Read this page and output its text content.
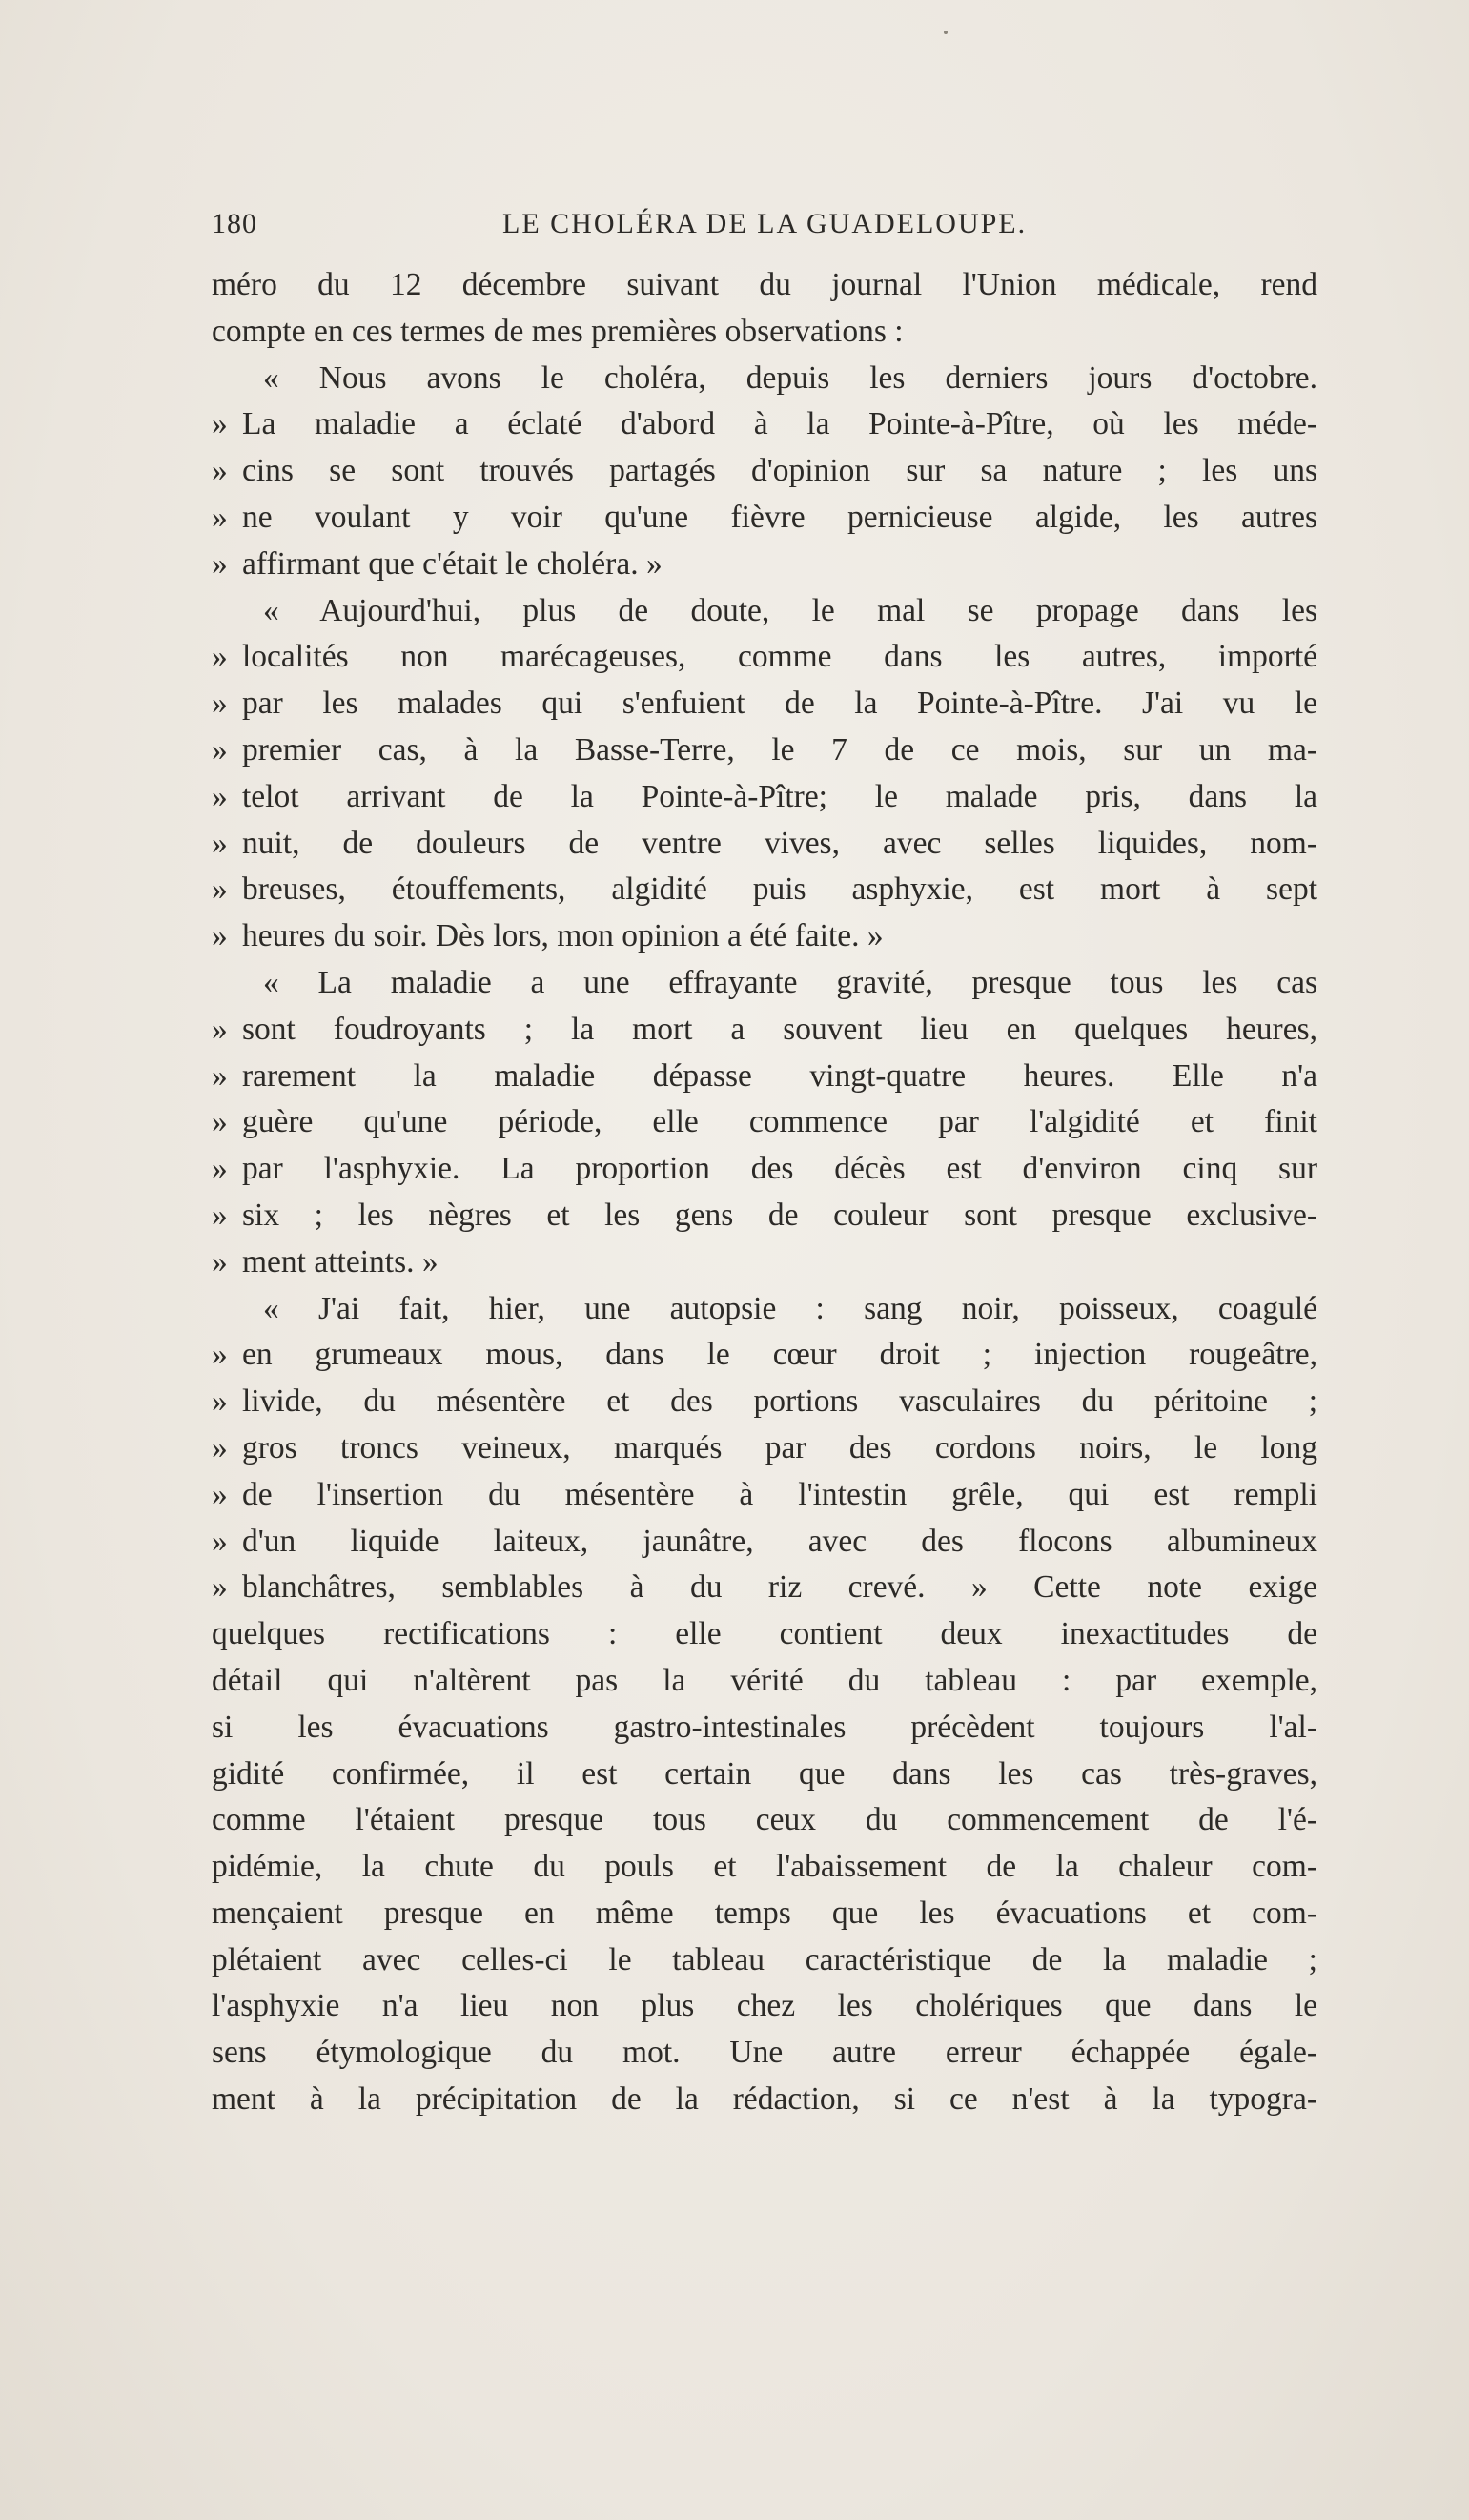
180	LE CHOLÉRA DE LA GUADELOUPE.
méro du 12 décembre suivant du journal l'Union médicale, rend
compte en ces termes de mes premières observations :
« Nous avons le choléra, depuis les derniers jours d'octobre.
» La maladie a éclaté d'abord à la Pointe-à-Pître, où les méde-
» cins se sont trouvés partagés d'opinion sur sa nature ; les uns
» ne voulant y voir qu'une fièvre pernicieuse algide, les autres
» affirmant que c'était le choléra. »
« Aujourd'hui, plus de doute, le mal se propage dans les
» localités non marécageuses, comme dans les autres, importé
» par les malades qui s'enfuient de la Pointe-à-Pître. J'ai vu le
» premier cas, à la Basse-Terre, le 7 de ce mois, sur un ma-
» telot arrivant de la Pointe-à-Pître; le malade pris, dans la
» nuit, de douleurs de ventre vives, avec selles liquides, nom-
» breuses, étouffements, algidité puis asphyxie, est mort à sept
» heures du soir. Dès lors, mon opinion a été faite. »
« La maladie a une effrayante gravité, presque tous les cas
» sont foudroyants ; la mort a souvent lieu en quelques heures,
» rarement la maladie dépasse vingt-quatre heures. Elle n'a
» guère qu'une période, elle commence par l'algidité et finit
» par l'asphyxie. La proportion des décès est d'environ cinq sur
» six ; les nègres et les gens de couleur sont presque exclusive-
» ment atteints. »
« J'ai fait, hier, une autopsie : sang noir, poisseux, coagulé
» en grumeaux mous, dans le cœur droit ; injection rougeâtre,
» livide, du mésentère et des portions vasculaires du péritoine ;
» gros troncs veineux, marqués par des cordons noirs, le long
» de l'insertion du mésentère à l'intestin grêle, qui est rempli
» d'un liquide laiteux, jaunâtre, avec des flocons albumineux
» blanchâtres, semblables à du riz crevé. » Cette note exige
quelques rectifications : elle contient deux inexactitudes de
détail qui n'altèrent pas la vérité du tableau : par exemple,
si les évacuations gastro-intestinales précèdent toujours l'al-
gidité confirmée, il est certain que dans les cas très-graves,
comme l'étaient presque tous ceux du commencement de l'é-
pidémie, la chute du pouls et l'abaissement de la chaleur com-
mençaient presque en même temps que les évacuations et com-
plétaient avec celles-ci le tableau caractéristique de la maladie ;
l'asphyxie n'a lieu non plus chez les cholériques que dans le
sens étymologique du mot. Une autre erreur échappée égale-
ment à la précipitation de la rédaction, si ce n'est à la typogra-
